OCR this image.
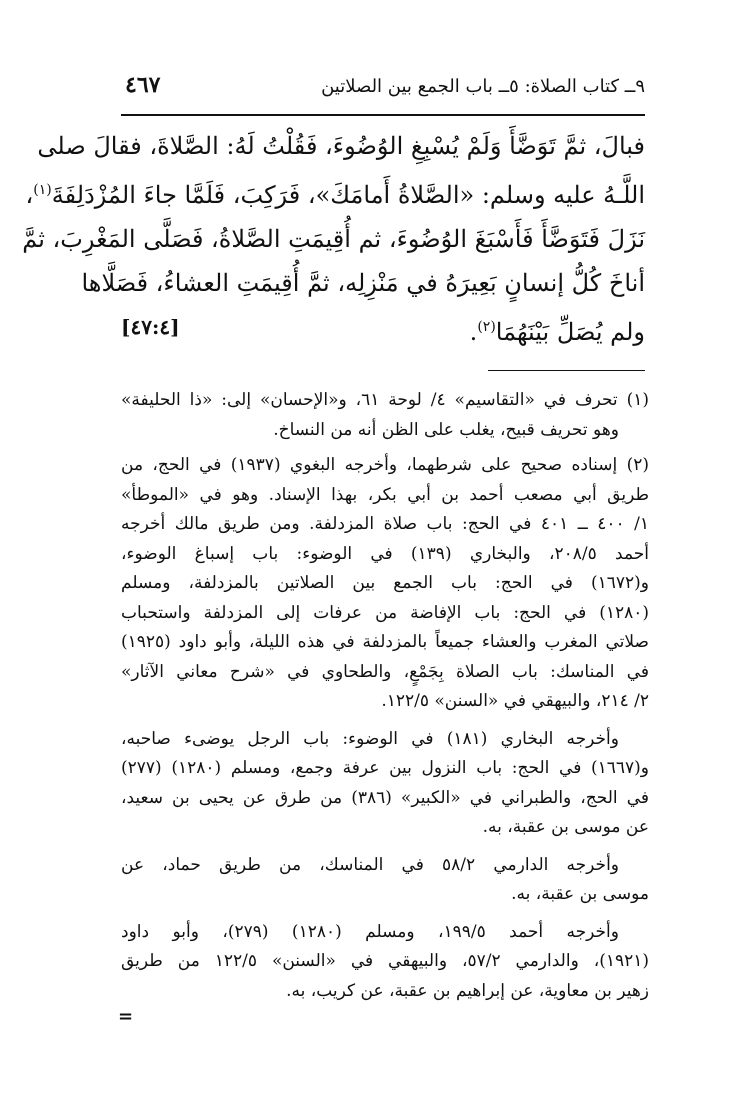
٩ــ كتاب الصلاة: ٥ــ باب الجمع بين الصلاتين
٤٦٧
فبالَ، ثمَّ تَوَضَّأَ وَلَمْ يُسْبِغِ الوُضُوءَ، فَقُلْتُ لَهُ: الصَّلاةَ، فقالَ صلى
اللَّـهُ عليه وسلم: «الصَّلاةُ أَمامَكَ»، فَرَكِبَ، فَلَمَّا جاءَ المُزْدَلِفَةَ$^{(١)}$،
نَزَلَ فَتَوَضَّأَ فَأَسْبَغَ الوُضُوءَ، ثم أُقِيمَتِ الصَّلاةُ، فَصَلَّى المَغْرِبَ، ثمَّ
أناخَ كُلُّ إنسانٍ بَعِيرَهُ في مَنْزِلِه، ثمَّ أُقِيمَتِ العشاءُ، فَصَلَّاها
ولم يُصَلِّ بَيْنَهُمَا$^{(٢)}$.
[٤٧:٤]
(١) تحرف في «التقاسيم» ٤/ لوحة ٦١، و«الإحسان» إلى: «ذا الحليفة»
وهو تحريف قبيح، يغلب على الظن أنه من النساخ.
(٢) إسناده صحيح على شرطهما، وأخرجه البغوي (١٩٣٧) في الحج، من
طريق أبي مصعب أحمد بن أبي بكر، بهذا الإسناد. وهو في «الموطأ»
١/ ٤٠٠ ــ ٤٠١ في الحج: باب صلاة المزدلفة. ومن طريق مالك أخرجه
أحمد ٢٠٨/٥، والبخاري (١٣٩) في الوضوء: باب إسباغ الوضوء،
و(١٦٧٢) في الحج: باب الجمع بين الصلاتين بالمزدلفة، ومسلم
(١٢٨٠) في الحج: باب الإفاضة من عرفات إلى المزدلفة واستحباب
صلاتي المغرب والعشاء جميعاً بالمزدلفة في هذه الليلة، وأبو داود (١٩٢٥)
في المناسك: باب الصلاة بِجَمْعٍ، والطحاوي في «شرح معاني الآثار»
٢/ ٢١٤، والبيهقي في «السنن» ١٢٢/٥.
وأخرجه البخاري (١٨١) في الوضوء: باب الرجل يوضىء صاحبه،
و(١٦٦٧) في الحج: باب النزول بين عرفة وجمع، ومسلم (١٢٨٠) (٢٧٧)
في الحج، والطبراني في «الكبير» (٣٨٦) من طرق عن يحيى بن سعيد،
عن موسى بن عقبة، به.
وأخرجه الدارمي ٥٨/٢ في المناسك، من طريق حماد، عن
موسى بن عقبة، به.
وأخرجه أحمد ١٩٩/٥، ومسلم (١٢٨٠) (٢٧٩)، وأبو داود
(١٩٢١)، والدارمي ٥٧/٢، والبيهقي في «السنن» ١٢٢/٥ من طريق
زهير بن معاوية، عن إبراهيم بن عقبة، عن كريب، به.
=
